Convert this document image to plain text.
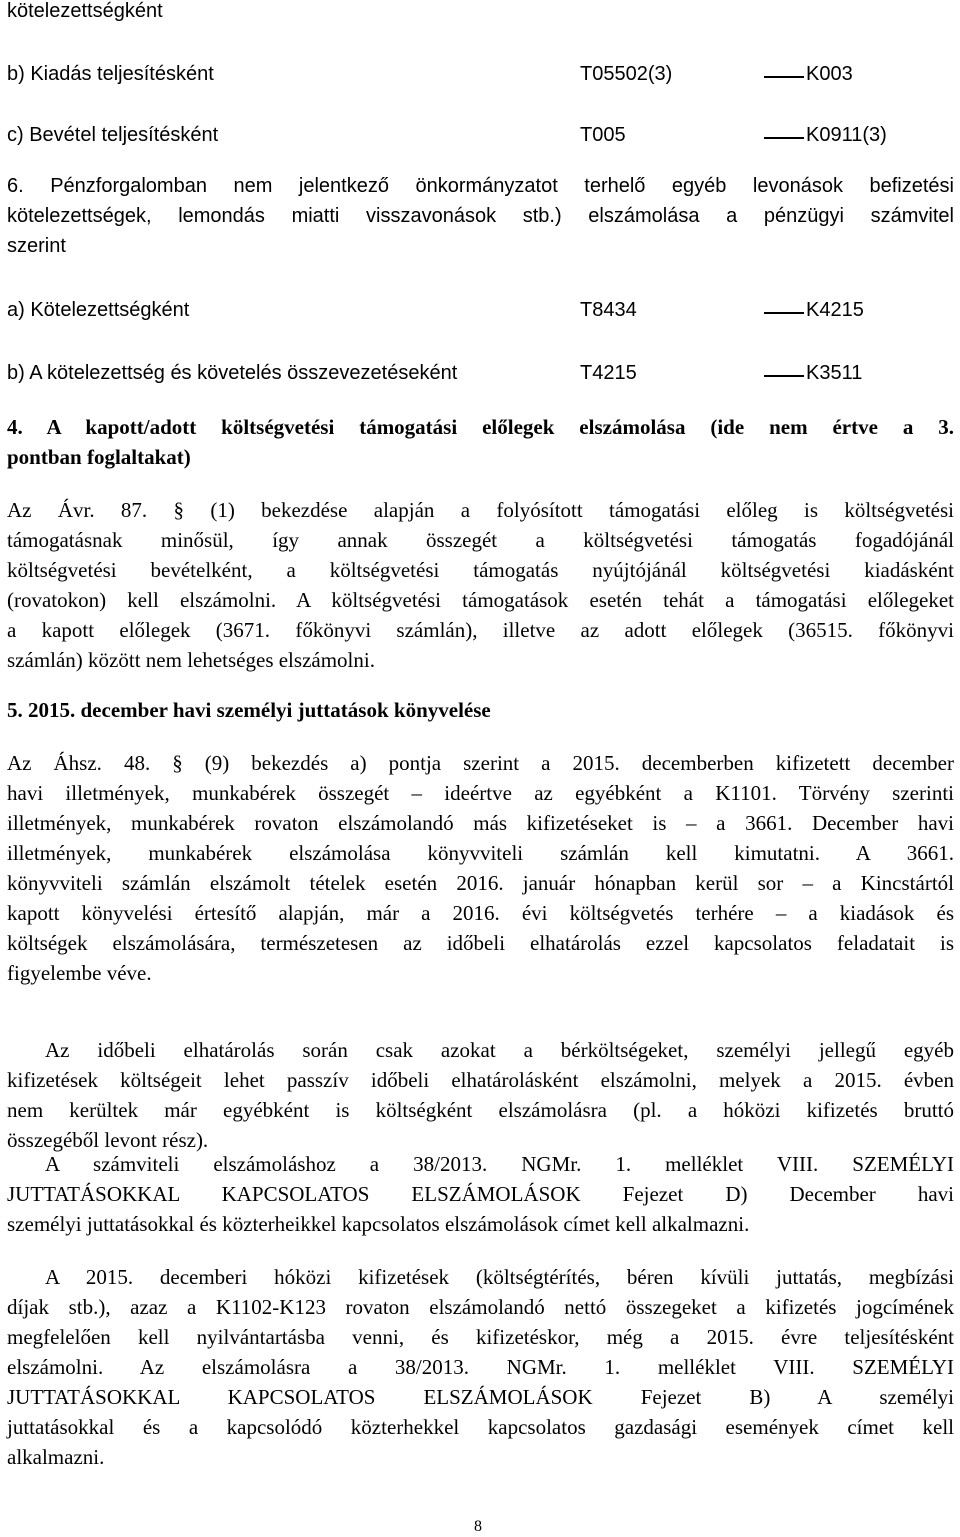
kötelezettségként

b) Kiadás teljesítésként	T05502(3)	K003

c) Bevétel teljesítésként	T005	K0911(3)

6. Pénzforgalomban nem jelentkező önkormányzatot terhelő egyéb levonások befizetési
kötelezettségek, lemondás miatti visszavonások stb.) elszámolása a pénzügyi számvitel
szerint

a) Kötelezettségként	T8434	K4215

b) A kötelezettség és követelés összevezetéseként	T4215	K3511

4. A kapott/adott költségvetési támogatási előlegek elszámolása (ide nem értve a 3.
pontban foglaltakat)
Az Ávr. 87. § (1) bekezdése alapján a folyósított támogatási előleg is költségvetési
támogatásnak minősül, így annak összegét a költségvetési támogatás fogadójánál
költségvetési bevételként, a költségvetési támogatás nyújtójánál költségvetési kiadásként
(rovatokon) kell elszámolni. A költségvetési támogatások esetén tehát a támogatási előlegeket
a kapott előlegek (3671. főkönyvi számlán), illetve az adott előlegek (36515. főkönyvi
számlán) között nem lehetséges elszámolni.

5. 2015. december havi személyi juttatások könyvelése

Az Áhsz. 48. § (9) bekezdés a) pontja szerint a 2015. decemberben kifizetett december
havi illetmények, munkabérek összegét ‒ ideértve az egyébként a K1101. Törvény szerinti
illetmények, munkabérek rovaton elszámolandó más kifizetéseket is ‒ a 3661. December havi
illetmények, munkabérek elszámolása könyvviteli számlán kell kimutatni. A 3661.
könyvviteli számlán elszámolt tételek esetén 2016. január hónapban kerül sor ‒ a Kincstártól
kapott könyvelési értesítő alapján, már a 2016. évi költségvetés terhére ‒ a kiadások és
költségek elszámolására, természetesen az időbeli elhatárolás ezzel kapcsolatos feladatait is
figyelembe véve.
Az időbeli elhatárolás során csak azokat a bérköltségeket, személyi jellegű egyéb
kifizetések költségeit lehet passzív időbeli elhatárolásként elszámolni, melyek a 2015. évben
nem kerültek már egyébként is költségként elszámolásra (pl. a hóközi kifizetés bruttó
összegéből levont rész).
A számviteli elszámoláshoz a 38/2013. NGMr. 1. melléklet VIII. SZEMÉLYI
JUTTATÁSOKKAL KAPCSOLATOS ELSZÁMOLÁSOK Fejezet D) December havi
személyi juttatásokkal és közterheikkel kapcsolatos elszámolások címet kell alkalmazni.
A 2015. decemberi hóközi kifizetések (költségtérítés, béren kívüli juttatás, megbízási
díjak stb.), azaz a K1102-K123 rovaton elszámolandó nettó összegeket a kifizetés jogcímének
megfelelően kell nyilvántartásba venni, és kifizetéskor, még a 2015. évre teljesítésként
elszámolni. Az elszámolásra a 38/2013. NGMr. 1. melléklet VIII. SZEMÉLYI
JUTTATÁSOKKAL KAPCSOLATOS ELSZÁMOLÁSOK Fejezet B) A személyi
juttatásokkal és a kapcsolódó közterhekkel kapcsolatos gazdasági események címet kell
alkalmazni.

8
